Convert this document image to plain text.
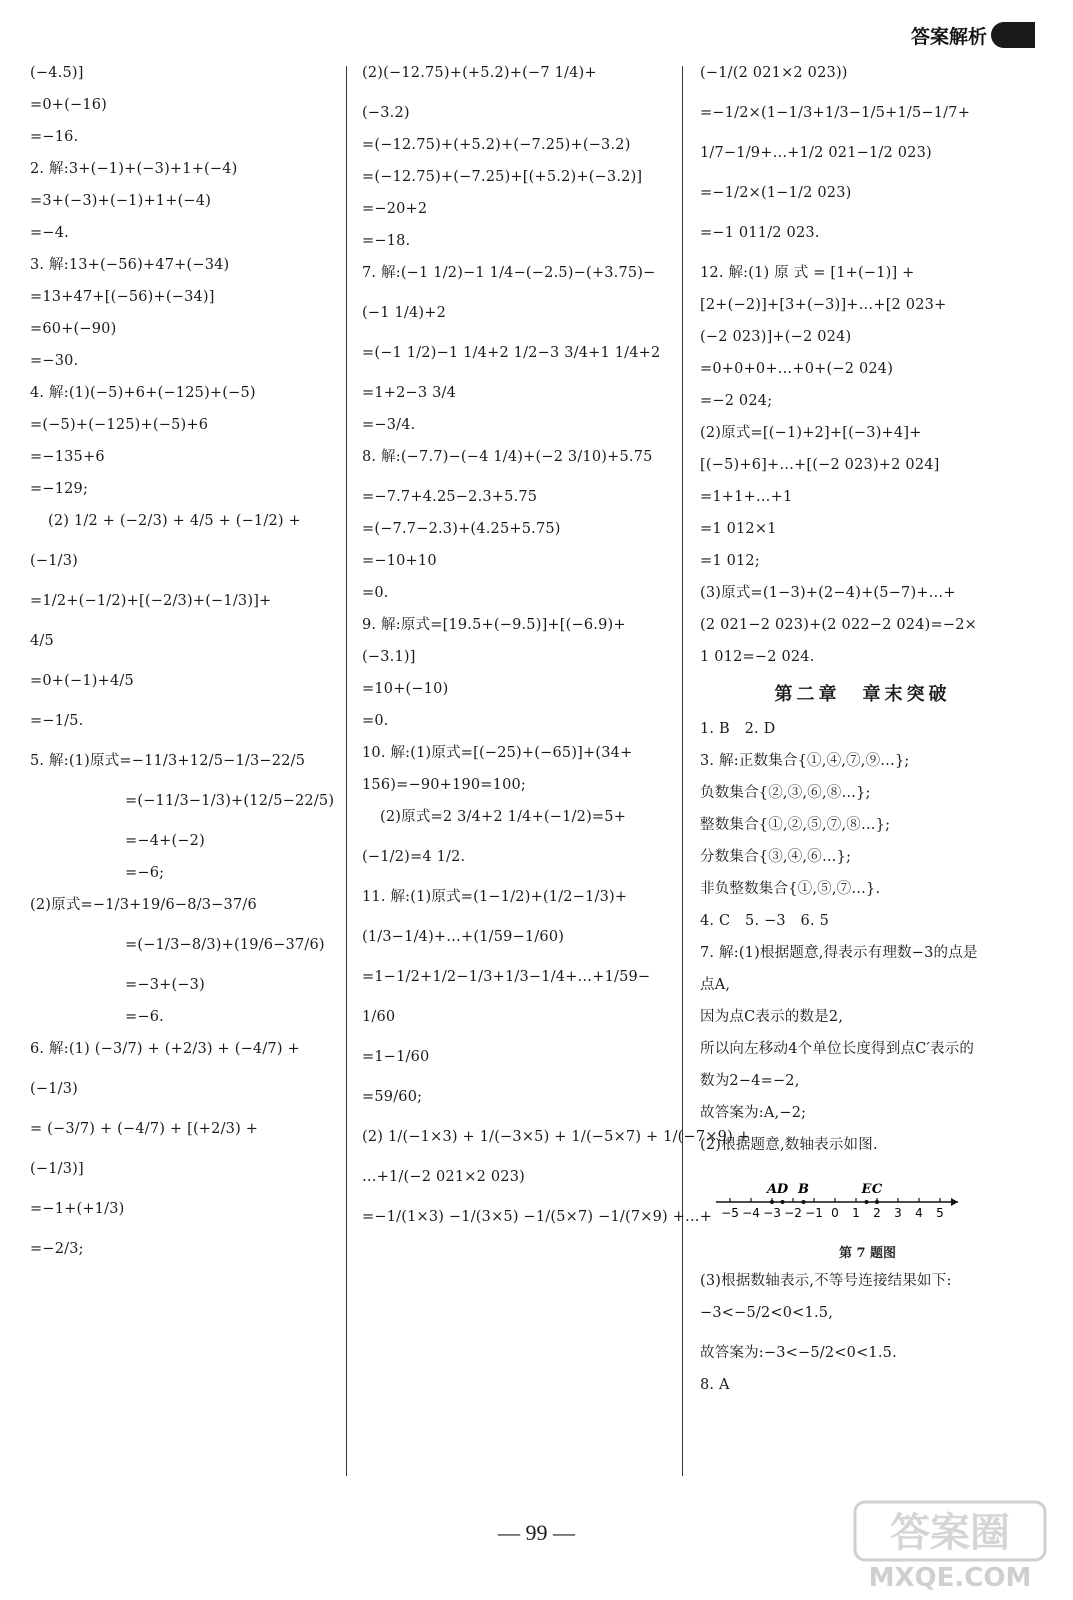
答案解析
(−4.5)]
=0+(−16)
=−16.
2. 解:3+(−1)+(−3)+1+(−4)
=3+(−3)+(−1)+1+(−4)
=−4.
3. 解:13+(−56)+47+(−34)
=13+47+[(−56)+(−34)]
=60+(−90)
=−30.
4. 解:(1)(−5)+6+(−125)+(−5)
=(−5)+(−125)+(−5)+6
=−135+6
=−129;
(2) 1/2 + (−2/3) + 4/5 + (−1/2) +
(−1/3)
=1/2+(−1/2)+[(−2/3)+(−1/3)]+
4/5
=0+(−1)+4/5
=−1/5.
5. 解:(1)原式=−11/3+12/5−1/3−22/5
=(−11/3−1/3)+(12/5−22/5)
=−4+(−2)
=−6;
(2)原式=−1/3+19/6−8/3−37/6
=(−1/3−8/3)+(19/6−37/6)
=−3+(−3)
=−6.
6. 解:(1) (−3/7) + (+2/3) + (−4/7) +
(−1/3)
= (−3/7) + (−4/7) + [(+2/3) +
(−1/3)]
=−1+(+1/3)
=−2/3;
(2)(−12.75)+(+5.2)+(−7 1/4)+
(−3.2)
=(−12.75)+(+5.2)+(−7.25)+(−3.2)
=(−12.75)+(−7.25)+[(+5.2)+(−3.2)]
=−20+2
=−18.
7. 解:(−1 1/2)−1 1/4−(−2.5)−(+3.75)−
(−1 1/4)+2
=(−1 1/2)−1 1/4+2 1/2−3 3/4+1 1/4+2
=1+2−3 3/4
=−3/4.
8. 解:(−7.7)−(−4 1/4)+(−2 3/10)+5.75
=−7.7+4.25−2.3+5.75
=(−7.7−2.3)+(4.25+5.75)
=−10+10
=0.
9. 解:原式=[19.5+(−9.5)]+[(−6.9)+
(−3.1)]
=10+(−10)
=0.
10. 解:(1)原式=[(−25)+(−65)]+(34+
156)=−90+190=100;
(2)原式=2 3/4+2 1/4+(−1/2)=5+
(−1/2)=4 1/2.
11. 解:(1)原式=(1−1/2)+(1/2−1/3)+
(1/3−1/4)+…+(1/59−1/60)
=1−1/2+1/2−1/3+1/3−1/4+…+1/59−
1/60
=1−1/60
=59/60;
(2) 1/(−1×3) + 1/(−3×5) + 1/(−5×7) + 1/(−7×9) +
…+1/(−2 021×2 023)
=−1/(1×3) −1/(3×5) −1/(5×7) −1/(7×9) +…+
(−1/(2 021×2 023))
=−1/2×(1−1/3+1/3−1/5+1/5−1/7+
1/7−1/9+…+1/2 021−1/2 023)
=−1/2×(1−1/2 023)
=−1 011/2 023.
12. 解:(1) 原 式 = [1+(−1)] +
[2+(−2)]+[3+(−3)]+…+[2 023+
(−2 023)]+(−2 024)
=0+0+0+…+0+(−2 024)
=−2 024;
(2)原式=[(−1)+2]+[(−3)+4]+
[(−5)+6]+…+[(−2 023)+2 024]
=1+1+…+1
=1 012×1
=1 012;
(3)原式=(1−3)+(2−4)+(5−7)+…+
(2 021−2 023)+(2 022−2 024)=−2×
1 012=−2 024.
第二章　章末突破
1. B　2. D
3. 解:正数集合{①,④,⑦,⑨…};
负数集合{②,③,⑥,⑧…};
整数集合{①,②,⑤,⑦,⑧…};
分数集合{③,④,⑥…};
非负整数集合{①,⑤,⑦…}.
4. C　5. −3　6. 5
7. 解:(1)根据题意,得表示有理数−3的点是
点A,
因为点C表示的数是2,
所以向左移动4个单位长度得到点C′表示的
数为2−4=−2,
故答案为:A,−2;
(2)根据题意,数轴表示如图.
−5 −4 −3 −2 −1 0 1 2 3 4 5
A D B	E C
第 7 题图
(3)根据数轴表示,不等号连接结果如下:
−3<−5/2<0<1.5,
故答案为:−3<−5/2<0<1.5.
8. A
— 99 —	答案圈
MXQE.COM
